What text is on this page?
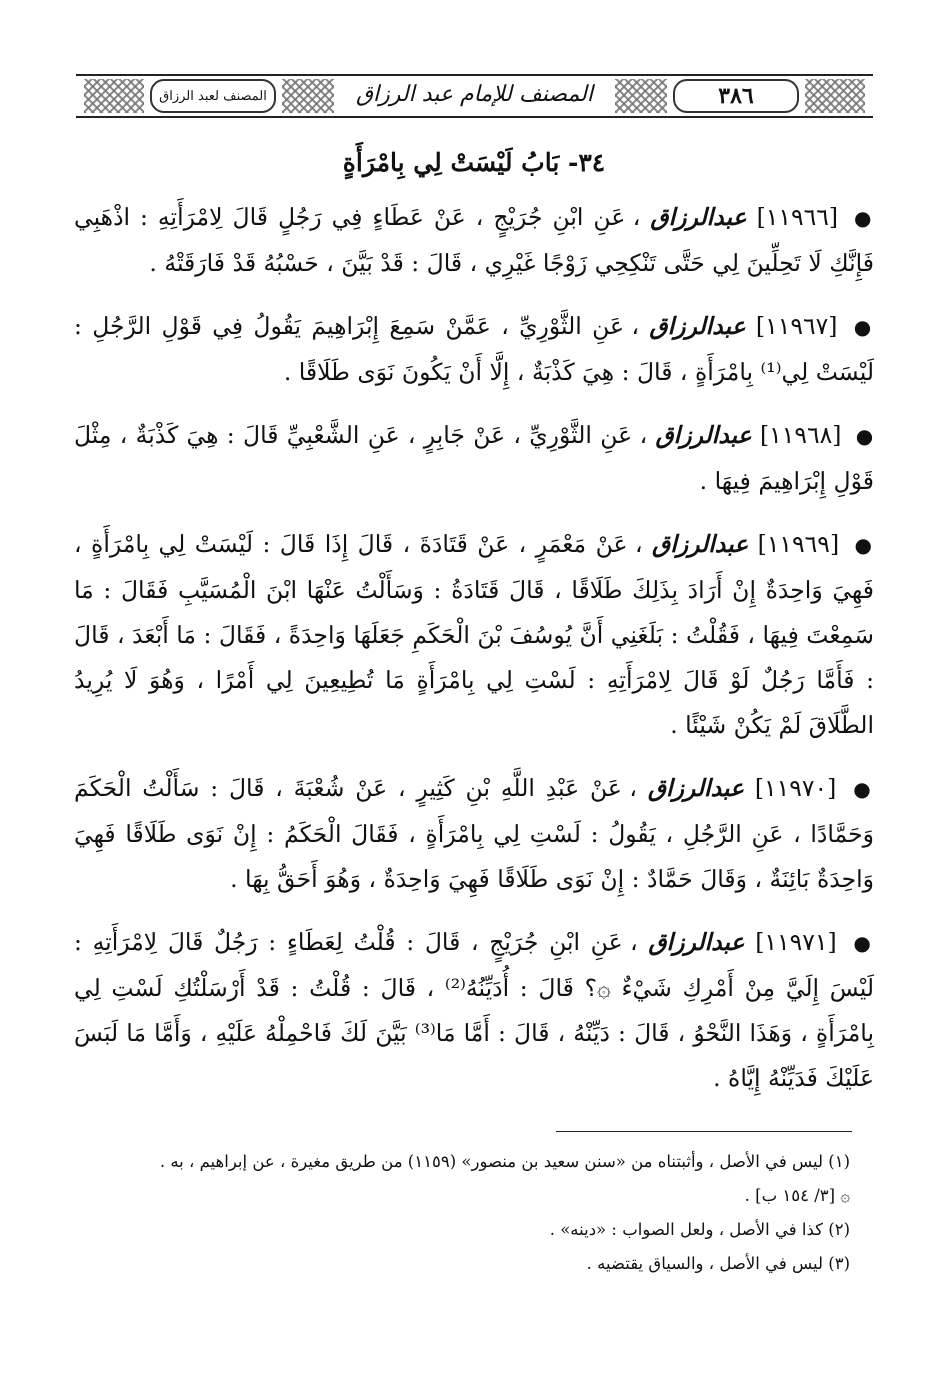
المصنف لعبد الرزاق	المصنف للإمام عبد الرزاق	٣٨٦
٣٤- بَابُ لَيْسَتْ لِي بِامْرَأَةٍ

● [١١٩٦٦] عبدالرزاق ، عَنِ ابْنِ جُرَيْجٍ ، عَنْ عَطَاءٍ فِي رَجُلٍ قَالَ لِامْرَأَتِهِ : اذْهَبِي فَإِنَّكِ لَا تَحِلِّينَ لِي حَتَّى تَنْكِحِي زَوْجًا غَيْرِي ، قَالَ : قَدْ بَيَّنَ ، حَسْبُهُ قَدْ فَارَقَتْهُ .

● [١١٩٦٧] عبدالرزاق ، عَنِ الثَّوْرِيِّ ، عَمَّنْ سَمِعَ إِبْرَاهِيمَ يَقُولُ فِي قَوْلِ الرَّجُلِ : لَيْسَتْ لِي⁽¹⁾ بِامْرَأَةٍ ، قَالَ : هِيَ كَذْبَةٌ ، إِلَّا أَنْ يَكُونَ نَوَى طَلَاقًا .

● [١١٩٦٨] عبدالرزاق ، عَنِ الثَّوْرِيِّ ، عَنْ جَابِرٍ ، عَنِ الشَّعْبِيِّ قَالَ : هِيَ كَذْبَةٌ ، مِثْلَ قَوْلِ إِبْرَاهِيمَ فِيهَا .

● [١١٩٦٩] عبدالرزاق ، عَنْ مَعْمَرٍ ، عَنْ قَتَادَةَ ، قَالَ إِذَا قَالَ : لَيْسَتْ لِي بِامْرَأَةٍ ، فَهِيَ وَاحِدَةٌ إِنْ أَرَادَ بِذَلِكَ طَلَاقًا ، قَالَ قَتَادَةُ : وَسَأَلْتُ عَنْهَا ابْنَ الْمُسَيَّبِ فَقَالَ : مَا سَمِعْتَ فِيهَا ، فَقُلْتُ : بَلَغَنِي أَنَّ يُوسُفَ بْنَ الْحَكَمِ جَعَلَهَا وَاحِدَةً ، فَقَالَ : مَا أَبْعَدَ ، قَالَ : فَأَمَّا رَجُلٌ لَوْ قَالَ لِامْرَأَتِهِ : لَسْتِ لِي بِامْرَأَةٍ مَا تُطِيعِينَ لِي أَمْرًا ، وَهُوَ لَا يُرِيدُ الطَّلَاقَ لَمْ يَكُنْ شَيْئًا .

● [١١٩٧٠] عبدالرزاق ، عَنْ عَبْدِ اللَّهِ بْنِ كَثِيرٍ ، عَنْ شُعْبَةَ ، قَالَ : سَأَلْتُ الْحَكَمَ وَحَمَّادًا ، عَنِ الرَّجُلِ ، يَقُولُ : لَسْتِ لِي بِامْرَأَةٍ ، فَقَالَ الْحَكَمُ : إِنْ نَوَى طَلَاقًا فَهِيَ وَاحِدَةٌ بَائِنَةٌ ، وَقَالَ حَمَّادٌ : إِنْ نَوَى طَلَاقًا فَهِيَ وَاحِدَةٌ ، وَهُوَ أَحَقُّ بِهَا .

● [١١٩٧١] عبدالرزاق ، عَنِ ابْنِ جُرَيْجٍ ، قَالَ : قُلْتُ لِعَطَاءٍ : رَجُلٌ قَالَ لِامْرَأَتِهِ : لَيْسَ إِلَيَّ مِنْ أَمْرِكِ شَيْءٌ ۞؟ قَالَ : أُدَيِّنُهُ⁽²⁾ ، قَالَ : قُلْتُ : قَدْ أَرْسَلْتُكِ لَسْتِ لِي بِامْرَأَةٍ ، وَهَذَا النَّحْوُ ، قَالَ : دَيِّنْهُ ، قَالَ : أَمَّا مَا⁽³⁾ بَيَّنَ لَكَ فَاحْمِلْهُ عَلَيْهِ ، وَأَمَّا مَا لَبَسَ عَلَيْكَ فَدَيِّنْهُ إِيَّاهُ .

(١) ليس في الأصل ، وأثبتناه من «سنن سعيد بن منصور» (١١٥٩) من طريق مغيرة ، عن إبراهيم ، به .

۞ [٣/ ١٥٤ ب] .

(٢) كذا في الأصل ، ولعل الصواب : «دينه» .

(٣) ليس في الأصل ، والسياق يقتضيه .
